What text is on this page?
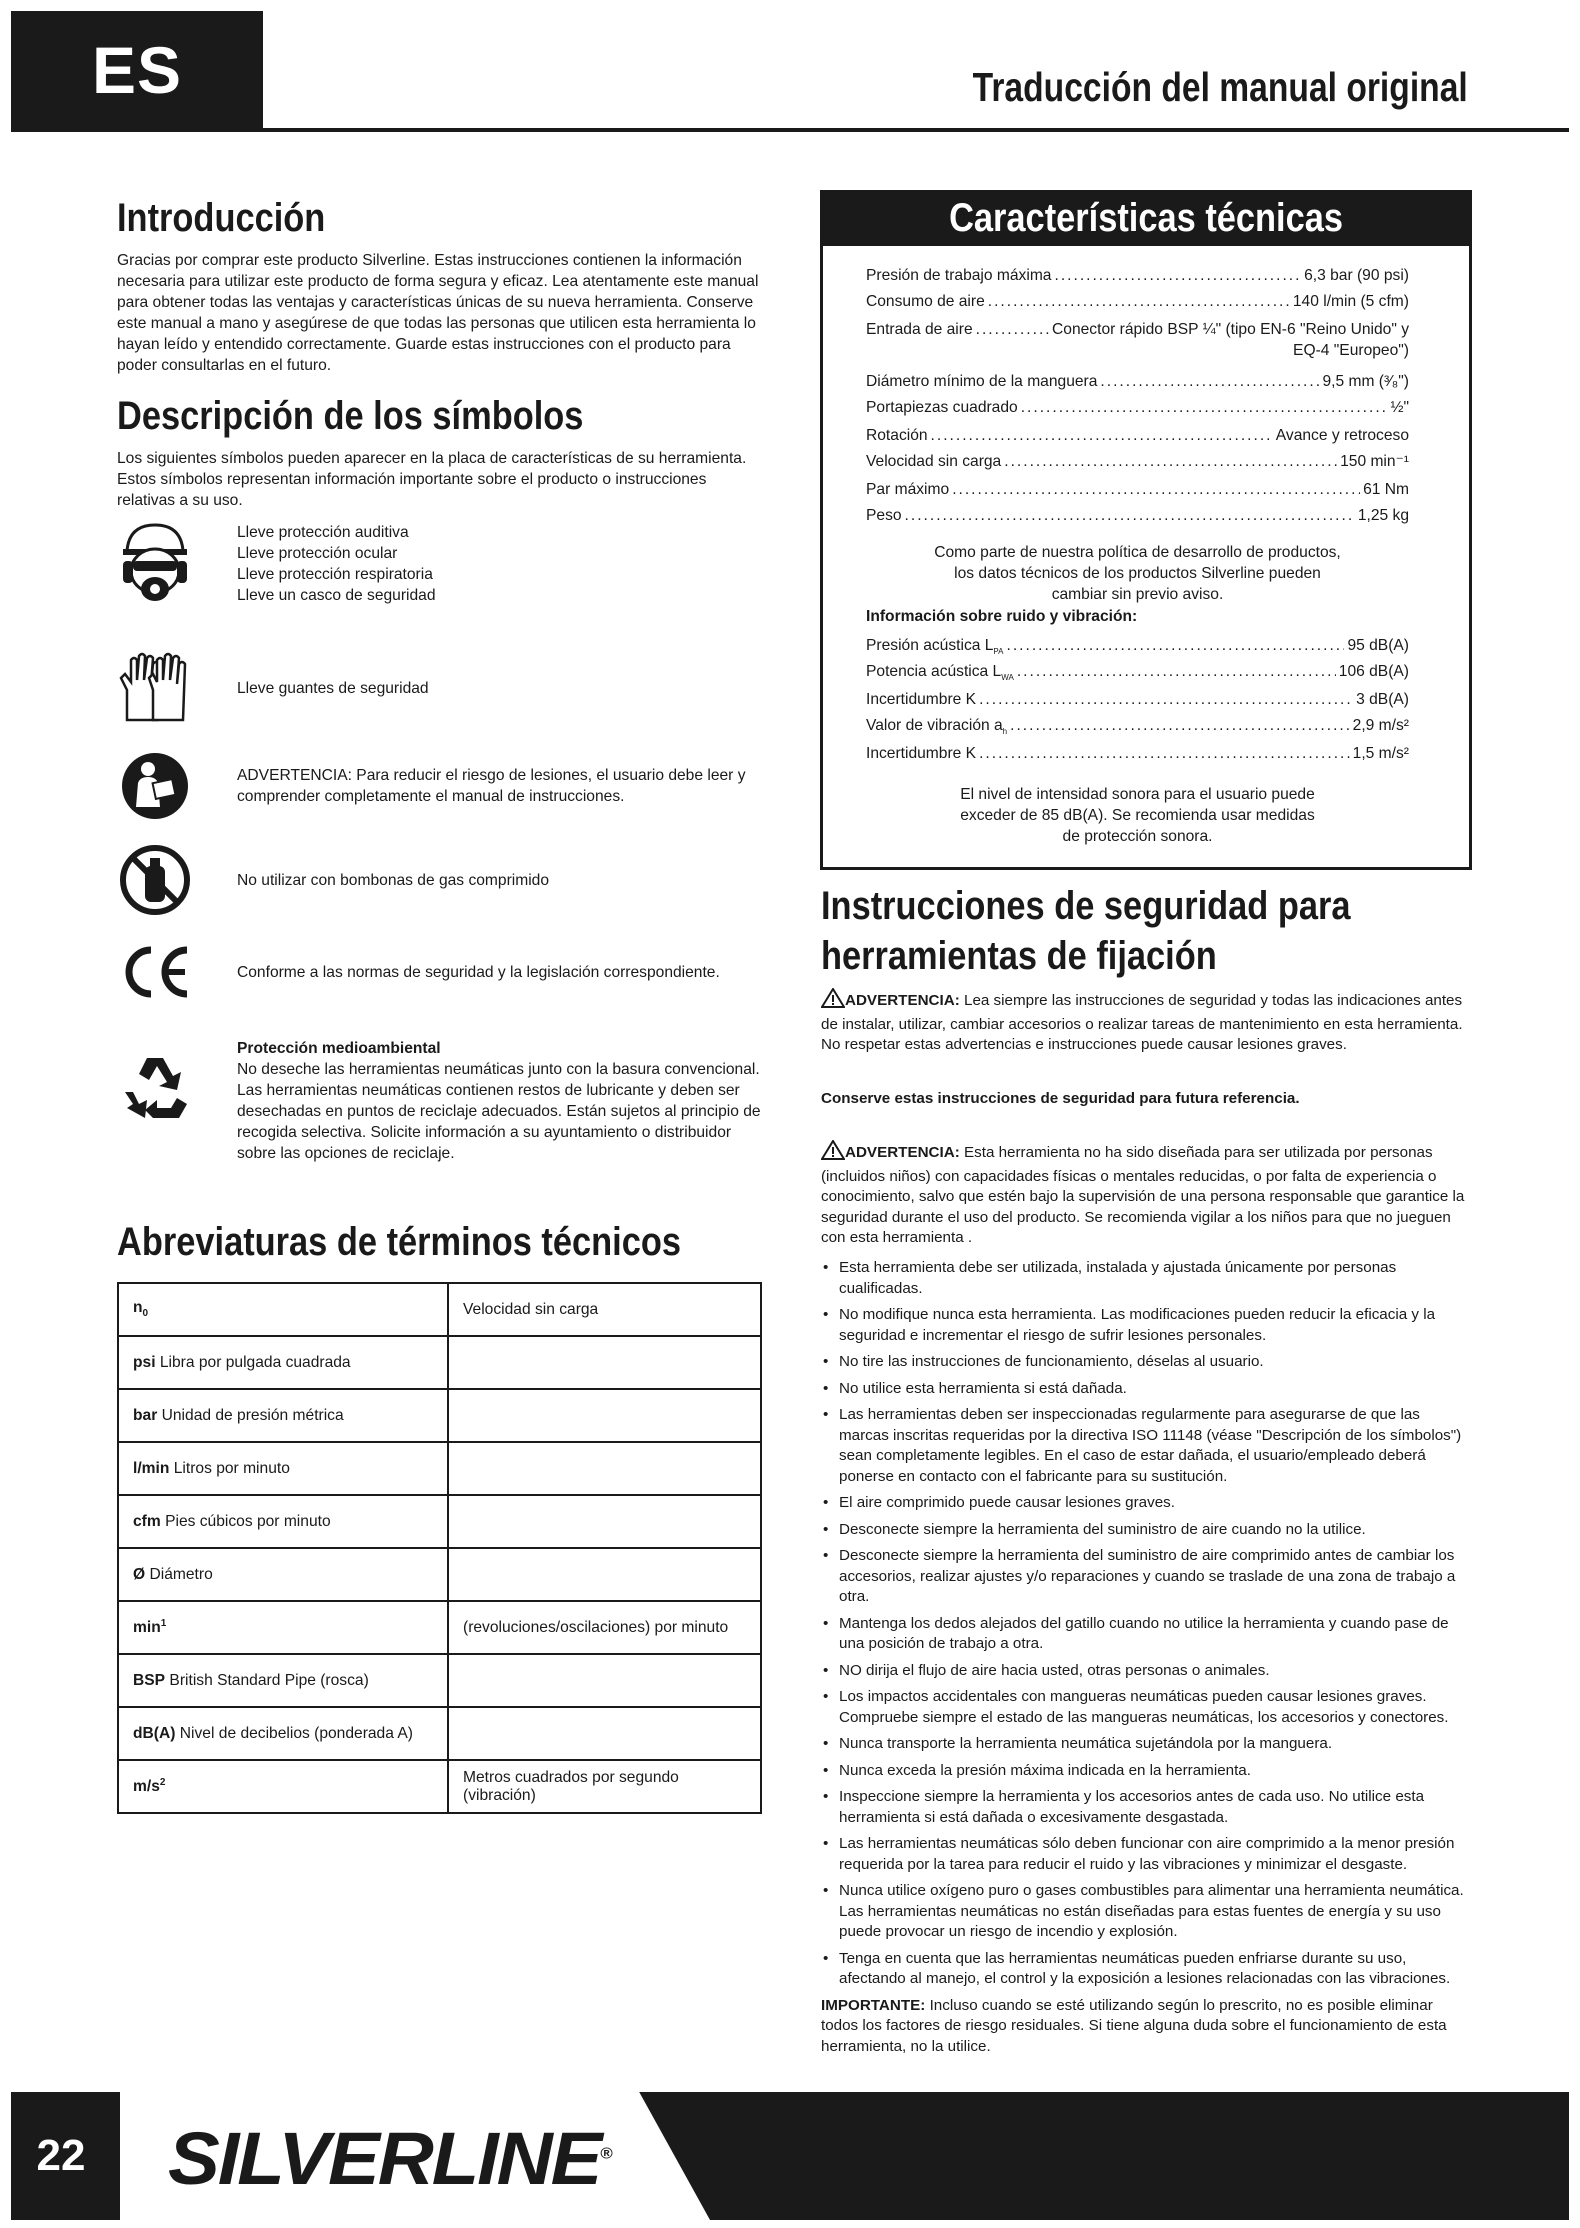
ES	Traducción del manual original
Introducción

Gracias por comprar este producto Silverline. Estas instrucciones contienen la información necesaria para utilizar este producto de forma segura y eficaz. Lea atentamente este manual para obtener todas las ventajas y características únicas de su nueva herramienta. Conserve este manual a mano y asegúrese de que todas las personas que utilicen esta herramienta lo hayan leído y entendido correctamente. Guarde estas instrucciones con el producto para poder consultarlas en el futuro.

Descripción de los símbolos

Los siguientes símbolos pueden aparecer en la placa de características de su herramienta. Estos símbolos representan información importante sobre el producto o instrucciones relativas a su uso.

Lleve protección auditiva
Lleve protección ocular
Lleve protección respiratoria
Lleve un casco de seguridad
Lleve guantes de seguridad
ADVERTENCIA: Para reducir el riesgo de lesiones, el usuario debe leer y comprender completamente el manual de instrucciones.
No utilizar con bombonas de gas comprimido
Conforme a las normas de seguridad y la legislación correspondiente.
Protección medioambiental
No deseche las herramientas neumáticas junto con la basura convencional. Las herramientas neumáticas contienen restos de lubricante y deben ser desechadas en puntos de reciclaje adecuados. Están sujetos al principio de recogida selectiva. Solicite información a su ayuntamiento o distribuidor sobre las opciones de reciclaje.
Abreviaturas de términos técnicos
$n_0$	Velocidad sin carga
psi Libra por pulgada cuadrada	
bar Unidad de presión métrica	
l/min Litros por minuto	
cfm Pies cúbicos por minuto	
Ø Diámetro	
$\min^1$	(revoluciones/oscilaciones) por minuto
BSP British Standard Pipe (rosca)	
dB(A) Nivel de decibelios (ponderada A)	
$m/s^2$	Metros cuadrados por segundo (vibración)
Características técnicas
Presión de trabajo máxima .....	6,3 bar (90 psi)
Consumo de aire .....	140 l/min (5 cfm)
Entrada de aire .....	Conector rápido BSP ¼" (tipo EN-6 "Reino Unido" y
EQ-4 "Europeo")
Diámetro mínimo de la manguera .....	9,5 mm (³⁄₈")
Portapiezas cuadrado .....	½"
Rotación .....	Avance y retroceso
Velocidad sin carga .....	150 min⁻¹
Par máximo .....	61 Nm
Peso .....	1,25 kg
Como parte de nuestra política de desarrollo de productos, los datos técnicos de los productos Silverline pueden cambiar sin previo aviso.
Información sobre ruido y vibración:
Presión acústica $L_{PA}$ .....	95 dB(A)
Potencia acústica $L_{WA}$ .....	106 dB(A)
Incertidumbre K .....	3 dB(A)
Valor de vibración $a_h$ .....	2,9 m/s²
Incertidumbre K .....	1,5 m/s²
El nivel de intensidad sonora para el usuario puede exceder de 85 dB(A). Se recomienda usar medidas de protección sonora.
Instrucciones de seguridad para
herramientas de fijación
ADVERTENCIA: Lea siempre las instrucciones de seguridad y todas las indicaciones antes de instalar, utilizar, cambiar accesorios o realizar tareas de mantenimiento en esta herramienta. No respetar estas advertencias e instrucciones puede causar lesiones graves.
Conserve estas instrucciones de seguridad para futura referencia.
ADVERTENCIA: Esta herramienta no ha sido diseñada para ser utilizada por personas (incluidos niños) con capacidades físicas o mentales reducidas, o por falta de experiencia o conocimiento, salvo que estén bajo la supervisión de una persona responsable que garantice la seguridad durante el uso del producto. Se recomienda vigilar a los niños para que no jueguen con esta herramienta .
• Esta herramienta debe ser utilizada, instalada y ajustada únicamente por personas cualificadas.
• No modifique nunca esta herramienta. Las modificaciones pueden reducir la eficacia y la seguridad e incrementar el riesgo de sufrir lesiones personales.
• No tire las instrucciones de funcionamiento, déselas al usuario.
• No utilice esta herramienta si está dañada.
• Las herramientas deben ser inspeccionadas regularmente para asegurarse de que las marcas inscritas requeridas por la directiva ISO 11148 (véase "Descripción de los símbolos") sean completamente legibles. En el caso de estar dañada, el usuario/empleado deberá ponerse en contacto con el fabricante para su sustitución.
• El aire comprimido puede causar lesiones graves.
• Desconecte siempre la herramienta del suministro de aire cuando no la utilice.
• Desconecte siempre la herramienta del suministro de aire comprimido antes de cambiar los accesorios, realizar ajustes y/o reparaciones y cuando se traslade de una zona de trabajo a otra.
• Mantenga los dedos alejados del gatillo cuando no utilice la herramienta y cuando pase de una posición de trabajo a otra.
• NO dirija el flujo de aire hacia usted, otras personas o animales.
• Los impactos accidentales con mangueras neumáticas pueden causar lesiones graves. Compruebe siempre el estado de las mangueras neumáticas, los accesorios y conectores.
• Nunca transporte la herramienta neumática sujetándola por la manguera.
• Nunca exceda la presión máxima indicada en la herramienta.
• Inspeccione siempre la herramienta y los accesorios antes de cada uso. No utilice esta herramienta si está dañada o excesivamente desgastada.
• Las herramientas neumáticas sólo deben funcionar con aire comprimido a la menor presión requerida por la tarea para reducir el ruido y las vibraciones y minimizar el desgaste.
• Nunca utilice oxígeno puro o gases combustibles para alimentar una herramienta neumática. Las herramientas neumáticas no están diseñadas para estas fuentes de energía y su uso puede provocar un riesgo de incendio y explosión.
• Tenga en cuenta que las herramientas neumáticas pueden enfriarse durante su uso, afectando al manejo, el control y la exposición a lesiones relacionadas con las vibraciones.
IMPORTANTE: Incluso cuando se esté utilizando según lo prescrito, no es posible eliminar todos los factores de riesgo residuales. Si tiene alguna duda sobre el funcionamiento de esta herramienta, no la utilice.
22	SILVERLINE®
